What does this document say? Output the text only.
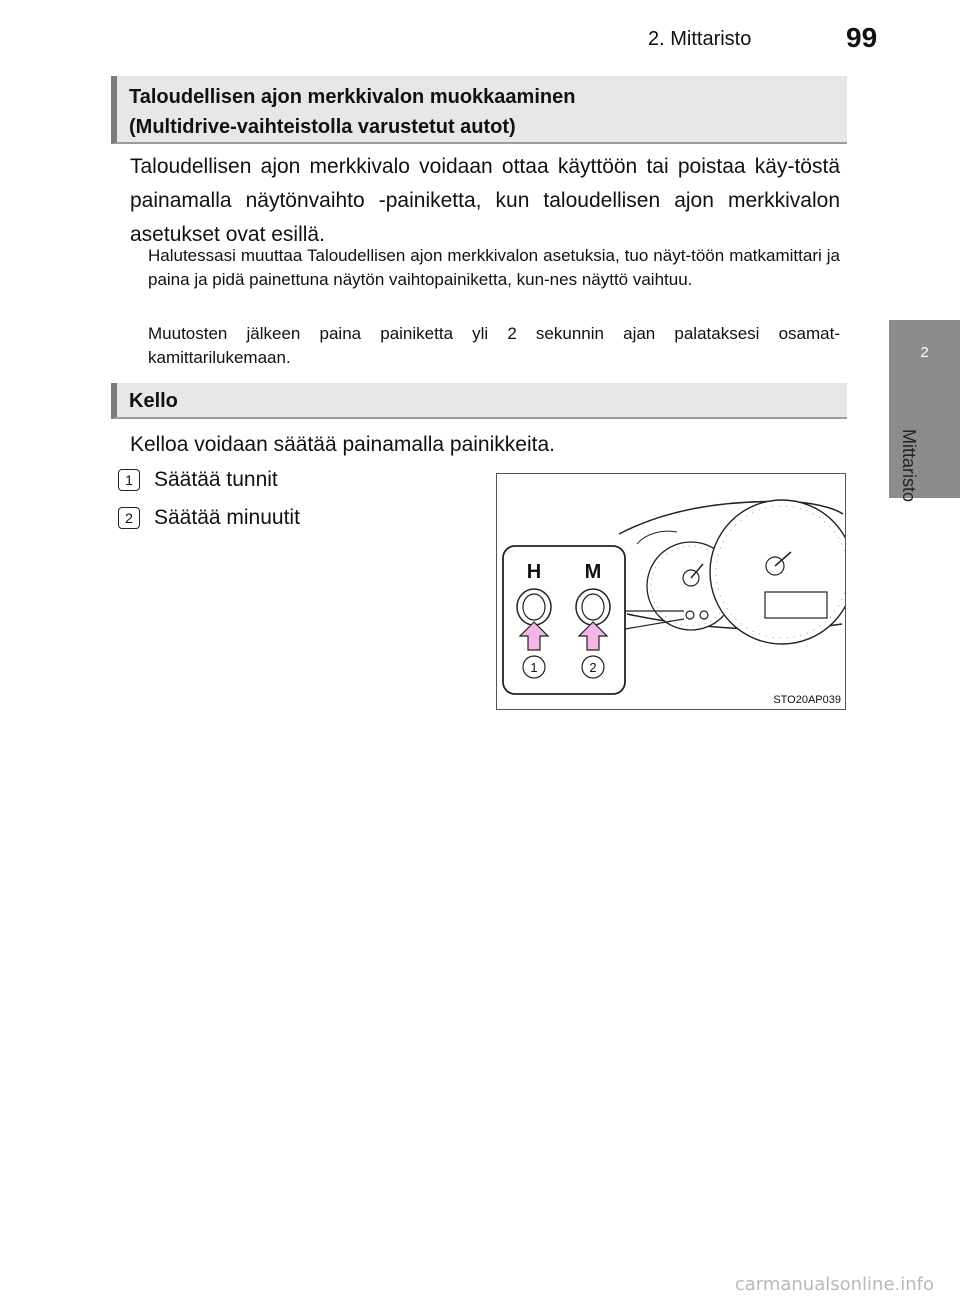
2. Mittaristo	99
2
Mittaristo
Taloudellisen ajon merkkivalon muokkaaminen
(Multidrive-vaihteistolla varustetut autot)
Taloudellisen ajon merkkivalo voidaan ottaa käyttöön tai poistaa käy-töstä painamalla näytönvaihto -painiketta, kun taloudellisen ajon merkkivalon asetukset ovat esillä.
Halutessasi muuttaa Taloudellisen ajon merkkivalon asetuksia, tuo näyt-töön matkamittari ja paina ja pidä painettuna näytön vaihtopainiketta, kun-nes näyttö vaihtuu.
Muutosten jälkeen paina painiketta yli 2 sekunnin ajan palataksesi osamat-kamittarilukemaan.
Kello
Kelloa voidaan säätää painamalla painikkeita.
1	Säätää tunnit
2	Säätää minuutit
H M
1	2
STO20AP039
carmanualsonline.info
